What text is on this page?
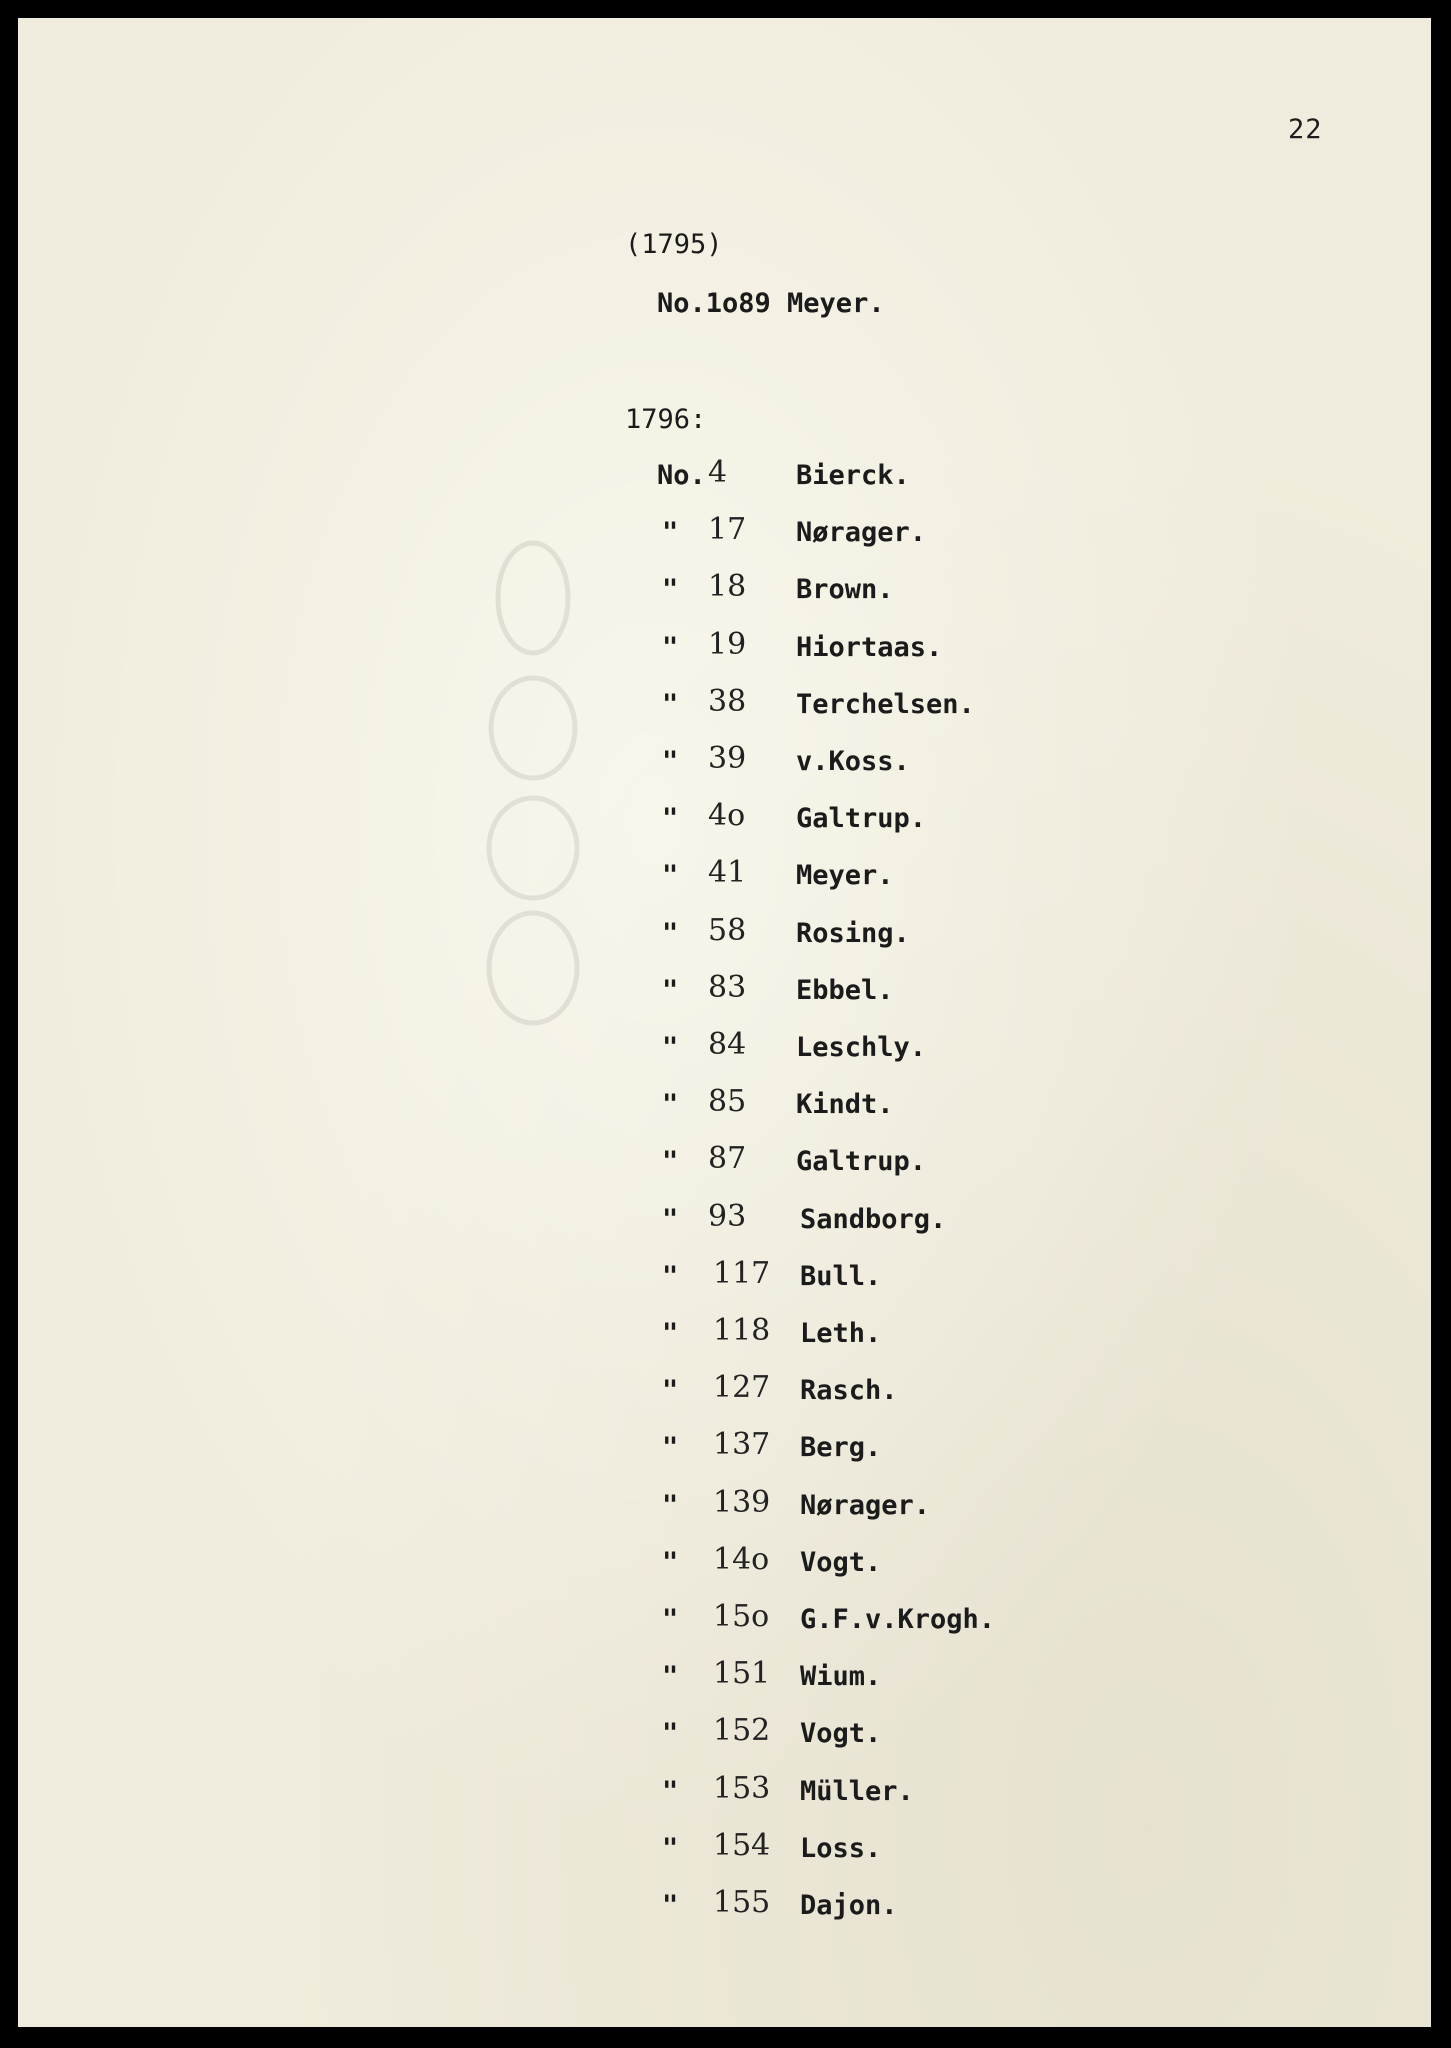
22
(1795)
No.1o89 Meyer.
1796:
No. 4	Bierck.
" 17 Nørager.
" 18 Brown.
" 19 Hiortaas.
" 38 Terchelsen.
" 39 v.Koss.
" 4o Galtrup.
" 41 Meyer.
" 58 Rosing.
" 83 Ebbel.
" 84 Leschly.
" 85 Kindt.
" 87 Galtrup.
" 93 Sandborg.
" 117 Bull.
" 118 Leth.
" 127 Rasch.
" 137 Berg.
" 139 Nørager.
" 14o Vogt.
" 15o G.F.v.Krogh.
" 151 Wium.
" 152 Vogt.
" 153 Müller.
" 154 Loss.
" 155 Dajon.
